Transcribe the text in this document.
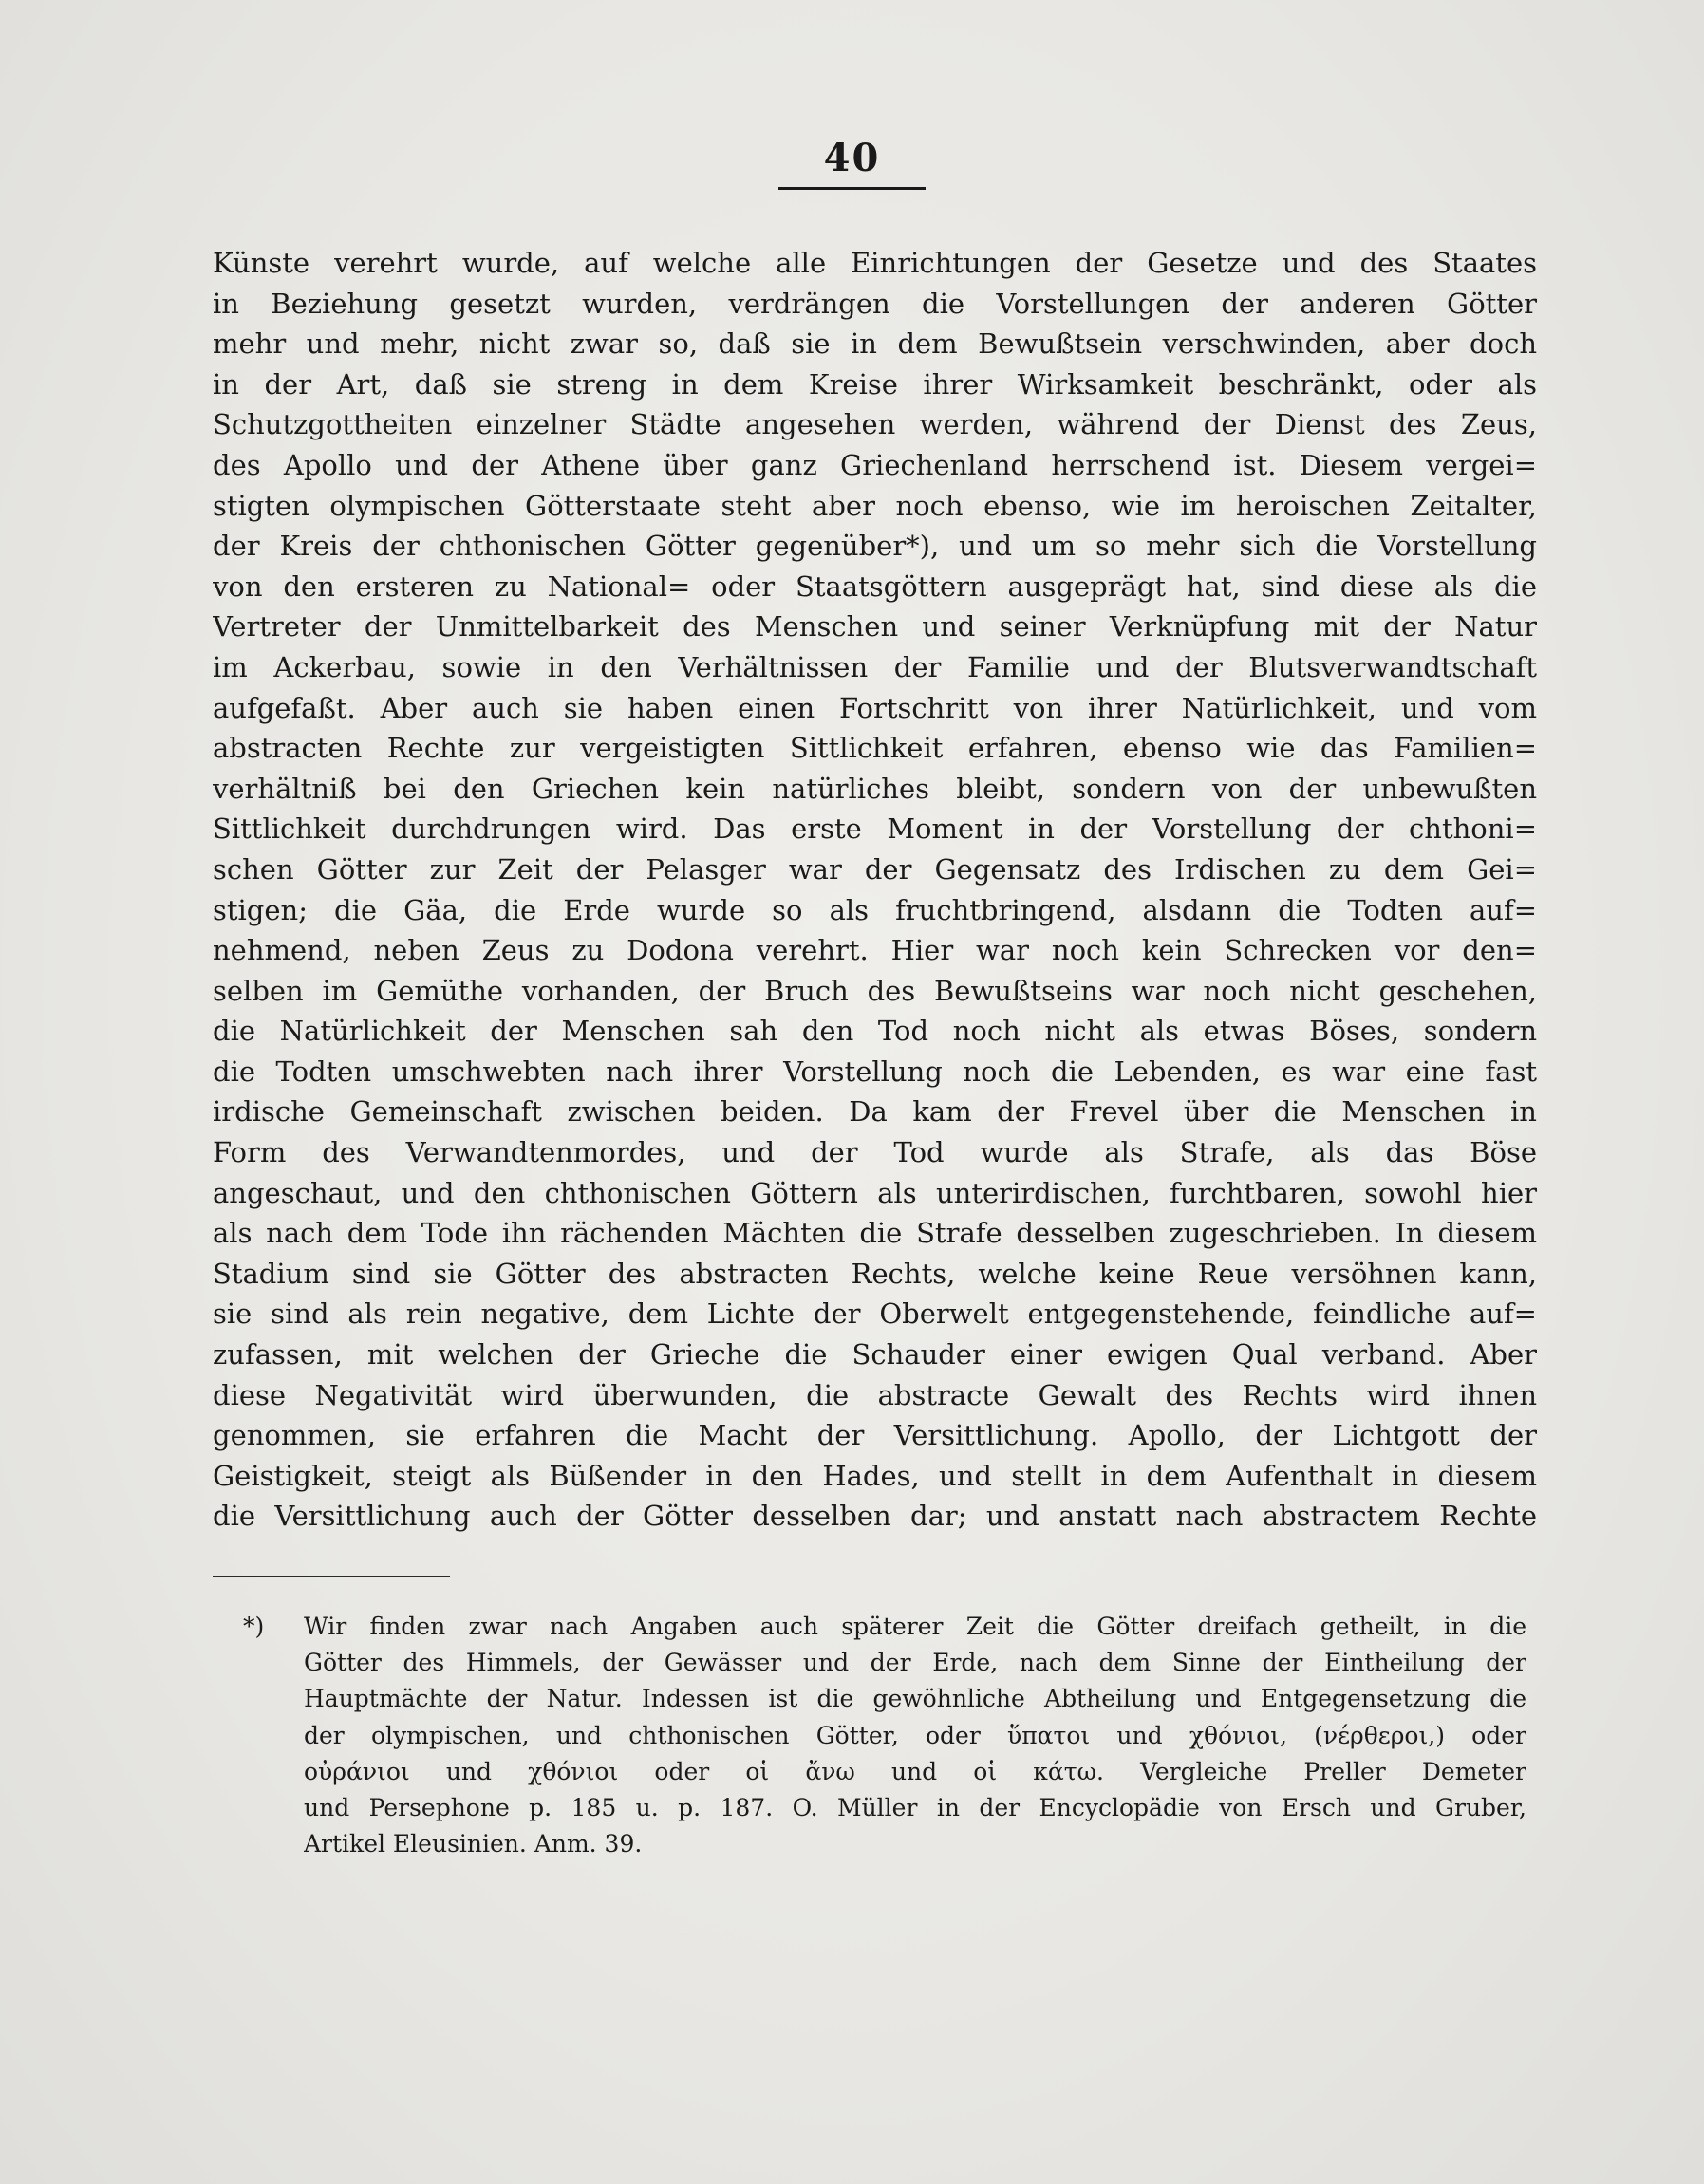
40
Künste verehrt wurde, auf welche alle Einrichtungen der Gesetze und des Staates
in Beziehung gesetzt wurden, verdrängen die Vorstellungen der anderen Götter
mehr und mehr, nicht zwar so, daß sie in dem Bewußtsein verschwinden, aber doch
in der Art, daß sie streng in dem Kreise ihrer Wirksamkeit beschränkt, oder als
Schutzgottheiten einzelner Städte angesehen werden, während der Dienst des Zeus,
des Apollo und der Athene über ganz Griechenland herrschend ist. Diesem vergei=
stigten olympischen Götterstaate steht aber noch ebenso, wie im heroischen Zeitalter,
der Kreis der chthonischen Götter gegenüber*), und um so mehr sich die Vorstellung
von den ersteren zu National= oder Staatsgöttern ausgeprägt hat, sind diese als die
Vertreter der Unmittelbarkeit des Menschen und seiner Verknüpfung mit der Natur
im Ackerbau, sowie in den Verhältnissen der Familie und der Blutsverwandtschaft
aufgefaßt. Aber auch sie haben einen Fortschritt von ihrer Natürlichkeit, und vom
abstracten Rechte zur vergeistigten Sittlichkeit erfahren, ebenso wie das Familien=
verhältniß bei den Griechen kein natürliches bleibt, sondern von der unbewußten
Sittlichkeit durchdrungen wird. Das erste Moment in der Vorstellung der chthoni=
schen Götter zur Zeit der Pelasger war der Gegensatz des Irdischen zu dem Gei=
stigen; die Gäa, die Erde wurde so als fruchtbringend, alsdann die Todten auf=
nehmend, neben Zeus zu Dodona verehrt. Hier war noch kein Schrecken vor den=
selben im Gemüthe vorhanden, der Bruch des Bewußtseins war noch nicht geschehen,
die Natürlichkeit der Menschen sah den Tod noch nicht als etwas Böses, sondern
die Todten umschwebten nach ihrer Vorstellung noch die Lebenden, es war eine fast
irdische Gemeinschaft zwischen beiden. Da kam der Frevel über die Menschen in
Form des Verwandtenmordes, und der Tod wurde als Strafe, als das Böse
angeschaut, und den chthonischen Göttern als unterirdischen, furchtbaren, sowohl hier
als nach dem Tode ihn rächenden Mächten die Strafe desselben zugeschrieben. In diesem
Stadium sind sie Götter des abstracten Rechts, welche keine Reue versöhnen kann,
sie sind als rein negative, dem Lichte der Oberwelt entgegenstehende, feindliche auf=
zufassen, mit welchen der Grieche die Schauder einer ewigen Qual verband. Aber
diese Negativität wird überwunden, die abstracte Gewalt des Rechts wird ihnen
genommen, sie erfahren die Macht der Versittlichung. Apollo, der Lichtgott der
Geistigkeit, steigt als Büßender in den Hades, und stellt in dem Aufenthalt in diesem
die Versittlichung auch der Götter desselben dar; und anstatt nach abstractem Rechte
*)	Wir finden zwar nach Angaben auch späterer Zeit die Götter dreifach getheilt, in die
Götter des Himmels, der Gewässer und der Erde, nach dem Sinne der Eintheilung der
Hauptmächte der Natur. Indessen ist die gewöhnliche Abtheilung und Entgegensetzung die
der olympischen, und chthonischen Götter, oder ὕπατοι und χθόνιοι, (νέρθεροι,) oder
οὐράνιοι und χθόνιοι oder οἱ ἄνω und οἱ κάτω. Vergleiche Preller Demeter
und Persephone p. 185 u. p. 187. O. Müller in der Encyclopädie von Ersch und Gruber,
Artikel Eleusinien. Anm. 39.
